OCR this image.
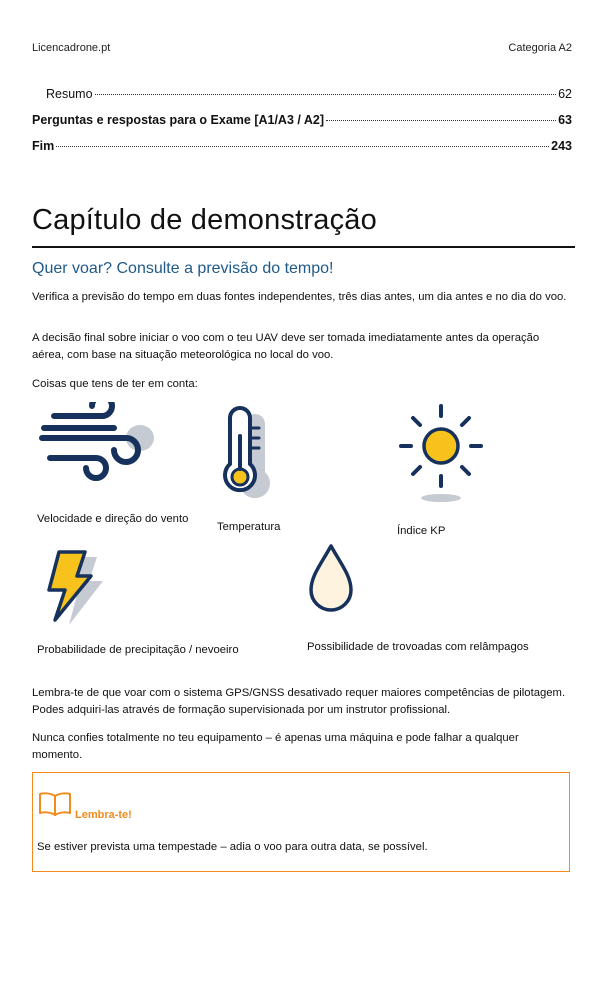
Licencadrone.pt	Categoria A2
Resumo	62
Perguntas e respostas para o Exame [A1/A3 / A2]	63
Fim	243
Capítulo de demonstração
Quer voar? Consulte a previsão do tempo!
Verifica a previsão do tempo em duas fontes independentes, três dias antes, um dia antes e no dia do voo.
A decisão final sobre iniciar o voo com o teu UAV deve ser tomada imediatamente antes da operação aérea, com base na situação meteorológica no local do voo.
Coisas que tens de ter em conta:
Velocidade e direção do vento
Temperatura	Índice KP
Probabilidade de precipitação / nevoeiro	Possibilidade de trovoadas com relâmpagos
Lembra-te de que voar com o sistema GPS/GNSS desativado requer maiores competências de pilotagem. Podes adquiri-las através de formação supervisionada por um instrutor profissional.
Nunca confies totalmente no teu equipamento – é apenas uma máquina e pode falhar a qualquer momento.
Lembra-te!
Se estiver prevista uma tempestade – adia o voo para outra data, se possível.
